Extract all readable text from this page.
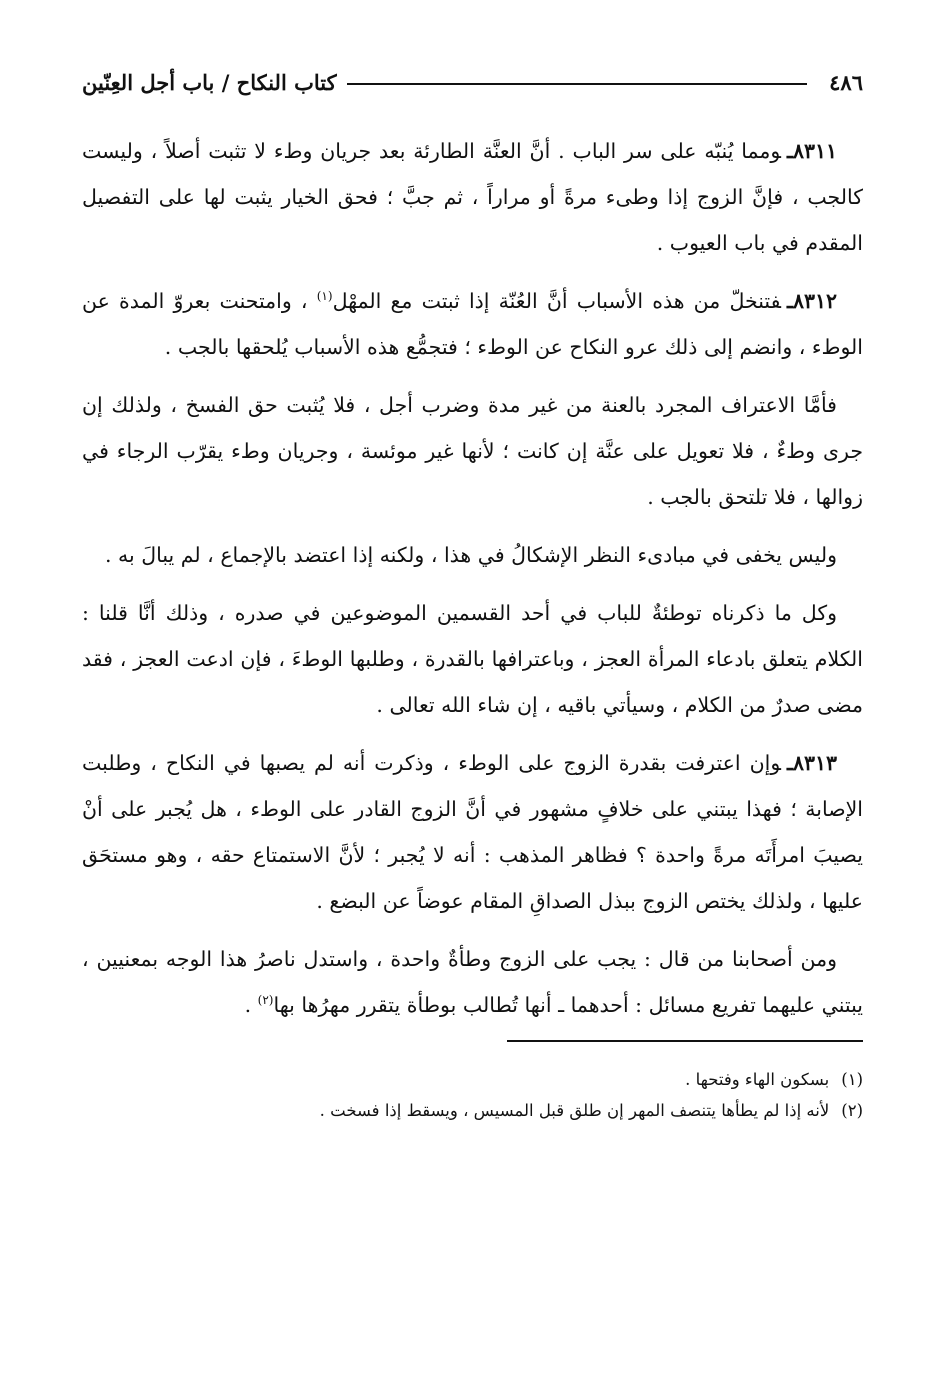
٤٨٦
كتاب النكاح / باب أجل العِنّين

٨٣١١ـومما يُنبّه على سر الباب . أنَّ العنَّة الطارئة بعد جريان وطء لا تثبت أصلاً ، وليست كالجب ، فإنَّ الزوج إذا وطىء مرةً أو مراراً ، ثم جبَّ ؛ فحق الخيار يثبت لها على التفصيل المقدم في باب العيوب .

٨٣١٢ـفتنخلّ من هذه الأسباب أنَّ العُنّة إذا ثبتت مع المهْل$^{(١)}$ ، وامتحنت بعروّ المدة عن الوطء ، وانضم إلى ذلك عرو النكاح عن الوطء ؛ فتجمُّع هذه الأسباب يُلحقها بالجب .

فأمَّا الاعتراف المجرد بالعنة من غير مدة وضرب أجل ، فلا يُثبت حق الفسخ ، ولذلك إن جرى وطءٌ ، فلا تعويل على عنَّة إن كانت ؛ لأنها غير موئسة ، وجريان وطء يقرّب الرجاء في زوالها ، فلا تلتحق بالجب .

وليس يخفى في مبادىء النظر الإشكالُ في هذا ، ولكنه إذا اعتضد بالإجماع ، لم يبالَ به .

وكل ما ذكرناه توطئةٌ للباب في أحد القسمين الموضوعين في صدره ، وذلك أنَّا قلنا : الكلام يتعلق بادعاء المرأة العجز ، وباعترافها بالقدرة ، وطلبها الوطءَ ، فإن ادعت العجز ، فقد مضى صدرٌ من الكلام ، وسيأتي باقيه ، إن شاء الله تعالى .

٨٣١٣ـوإن اعترفت بقدرة الزوج على الوطء ، وذكرت أنه لم يصبها في النكاح ، وطلبت الإصابة ؛ فهذا يبتني على خلافٍ مشهور في أنَّ الزوج القادر على الوطء ، هل يُجبر على أنْ يصيبَ امرأَتَه مرةً واحدة ؟ فظاهر المذهب : أنه لا يُجبر ؛ لأنَّ الاستمتاع حقه ، وهو مستحَق عليها ، ولذلك يختص الزوج ببذل الصداقِ المقام عوضاً عن البضع .

ومن أصحابنا من قال : يجب على الزوج وطأةٌ واحدة ، واستدل ناصرُ هذا الوجه بمعنيين ، يبتني عليهما تفريع مسائل : أحدهما ـ أنها تُطالب بوطأة يتقرر مهرُها بها$^{(٢)}$ .

(١)
بسكون الهاء وفتحها .
(٢)
لأنه إذا لم يطأها يتنصف المهر إن طلق قبل المسيس ، ويسقط إذا فسخت .
